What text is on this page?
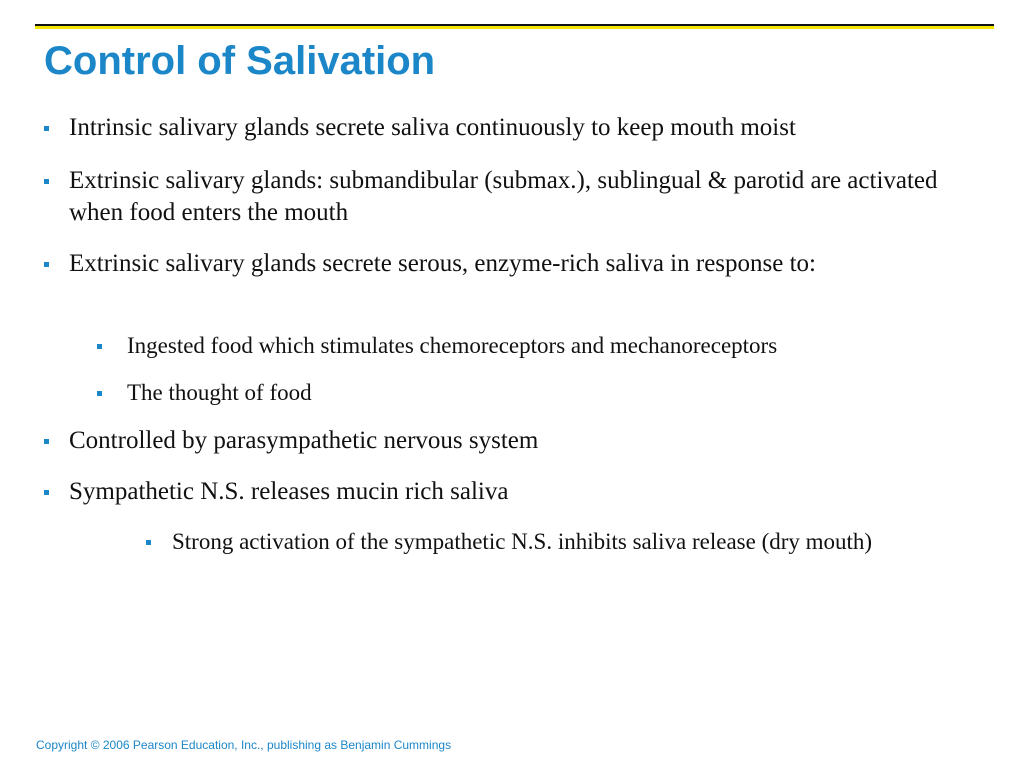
Control of Salivation
Intrinsic salivary glands secrete saliva continuously to keep mouth moist
Extrinsic salivary glands: submandibular (submax.), sublingual & parotid are activated when food enters the mouth
Extrinsic salivary glands secrete serous, enzyme-rich saliva in response to:
Ingested food which stimulates chemoreceptors and mechanoreceptors
The thought of food
Controlled by parasympathetic nervous system
Sympathetic N.S. releases mucin rich saliva
Strong activation of the sympathetic N.S. inhibits saliva release (dry mouth)
Copyright © 2006 Pearson Education, Inc., publishing as Benjamin Cummings
